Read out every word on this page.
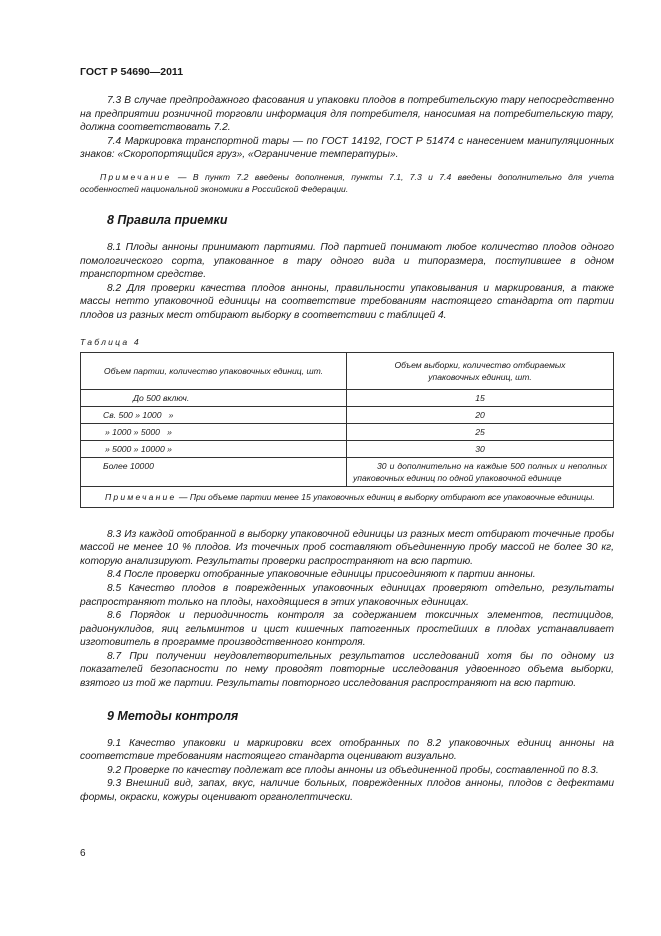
ГОСТ Р 54690—2011

7.3 В случае предпродажного фасования и упаковки плодов в потребительскую тару непосредственно на предприятии розничной торговли информация для потребителя, наносимая на потребительскую тару, должна соответствовать 7.2.

7.4 Маркировка транспортной тары — по ГОСТ 14192, ГОСТ Р 51474 с нанесением манипуляционных знаков: «Скоропортящийся груз», «Ограничение температуры».

Примечание — В пункт 7.2 введены дополнения, пункты 7.1, 7.3 и 7.4 введены дополнительно для учета особенностей национальной экономики в Российской Федерации.
8 Правила приемки

8.1 Плоды анноны принимают партиями. Под партией понимают любое количество плодов одного помологического сорта, упакованное в тару одного вида и типоразмера, поступившее в одном транспортном средстве.

8.2 Для проверки качества плодов анноны, правильности упаковывания и маркирования, а также массы нетто упаковочной единицы на соответствие требованиям настоящего стандарта от партии плодов из разных мест отбирают выборку в соответствии с таблицей 4.

Таблица 4
Объем партии, количество упаковочных единиц, шт.	Объем выборки, количество отбираемых упаковочных единиц, шт.
До 500 включ.	15
Св. 500 » 1000   »	20
» 1000 » 5000   »	25
» 5000 » 10000 »	30
Более 10000	30 и дополнительно на каждые 500 полных и неполных упаковочных единиц по одной упаковочной единице
Примечание — При объеме партии менее 15 упаковочных единиц в выборку отбирают все упаковочные единицы.	

8.3 Из каждой отобранной в выборку упаковочной единицы из разных мест отбирают точечные пробы массой не менее 10 % плодов. Из точечных проб составляют объединенную пробу массой не более 30 кг, которую анализируют. Результаты проверки распространяют на всю партию.

8.4 После проверки отобранные упаковочные единицы присоединяют к партии анноны.

8.5 Качество плодов в поврежденных упаковочных единицах проверяют отдельно, результаты распространяют только на плоды, находящиеся в этих упаковочных единицах.

8.6 Порядок и периодичность контроля за содержанием токсичных элементов, пестицидов, радионуклидов, яиц гельминтов и цист кишечных патогенных простейших в плодах устанавливает изготовитель в программе производственного контроля.

8.7 При получении неудовлетворительных результатов исследований хотя бы по одному из показателей безопасности по нему проводят повторные исследования удвоенного объема выборки, взятого из той же партии. Результаты повторного исследования распространяют на всю партию.

9 Методы контроля

9.1 Качество упаковки и маркировки всех отобранных по 8.2 упаковочных единиц анноны на соответствие требованиям настоящего стандарта оценивают визуально.

9.2 Проверке по качеству подлежат все плоды анноны из объединенной пробы, составленной по 8.3.

9.3 Внешний вид, запах, вкус, наличие больных, поврежденных плодов анноны, плодов с дефектами формы, окраски, кожуры оценивают органолептически.

6
